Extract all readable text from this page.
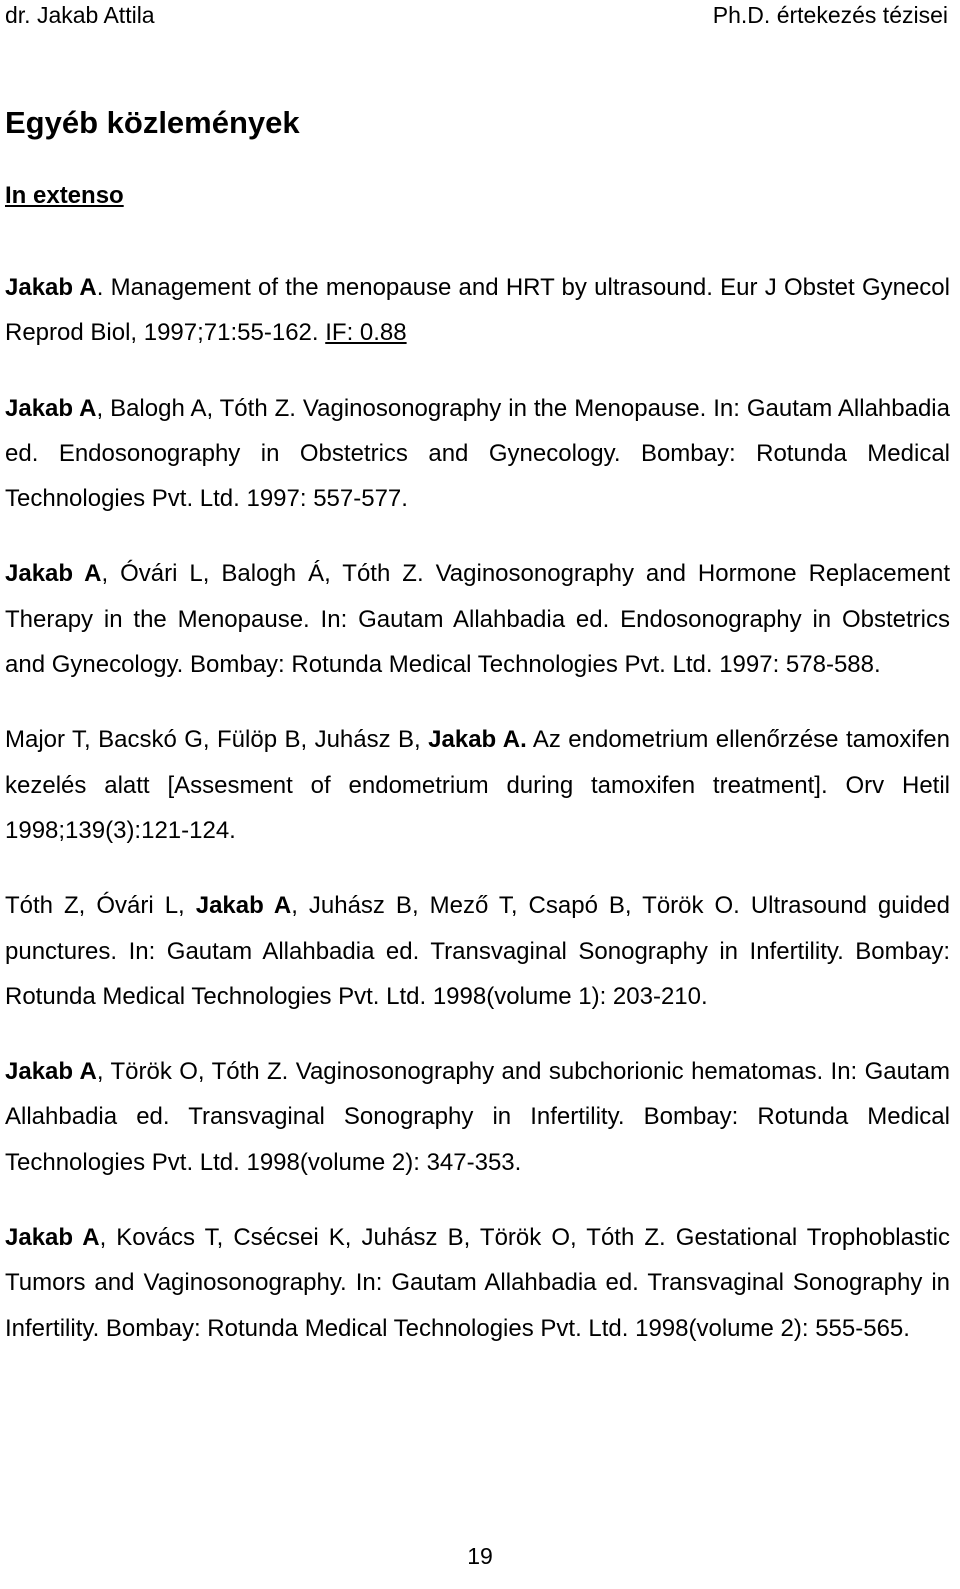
dr. Jakab Attila	Ph.D. értekezés tézisei
Egyéb közlemények
In extenso

Jakab A. Management of the menopause and HRT by ultrasound. Eur J Obstet Gynecol Reprod Biol, 1997;71:55-162. IF: 0.88

Jakab A, Balogh A, Tóth Z. Vaginosonography in the Menopause. In: Gautam Allahbadia ed. Endosonography in Obstetrics and Gynecology. Bombay: Rotunda Medical Technologies Pvt. Ltd. 1997: 557-577.

Jakab A, Óvári L, Balogh Á, Tóth Z. Vaginosonography and Hormone Replacement Therapy in the Menopause. In: Gautam Allahbadia ed. Endosonography in Obstetrics and Gynecology. Bombay: Rotunda Medical Technologies Pvt. Ltd. 1997: 578-588.

Major T, Bacskó G, Fülöp B, Juhász B, Jakab A. Az endometrium ellenőrzése tamoxifen kezelés alatt [Assesment of endometrium during tamoxifen treatment]. Orv Hetil 1998;139(3):121-124.

Tóth Z, Óvári L, Jakab A, Juhász B, Mező T, Csapó B, Török O. Ultrasound guided punctures. In: Gautam Allahbadia ed. Transvaginal Sonography in Infertility. Bombay: Rotunda Medical Technologies Pvt. Ltd. 1998(volume 1): 203-210.

Jakab A, Török O, Tóth Z. Vaginosonography and subchorionic hematomas. In: Gautam Allahbadia ed. Transvaginal Sonography in Infertility. Bombay: Rotunda Medical Technologies Pvt. Ltd. 1998(volume 2): 347-353.

Jakab A, Kovács T, Csécsei K, Juhász B, Török O, Tóth Z. Gestational Trophoblastic Tumors and Vaginosonography. In: Gautam Allahbadia ed. Transvaginal Sonography in Infertility. Bombay: Rotunda Medical Technologies Pvt. Ltd. 1998(volume 2): 555-565.

19
